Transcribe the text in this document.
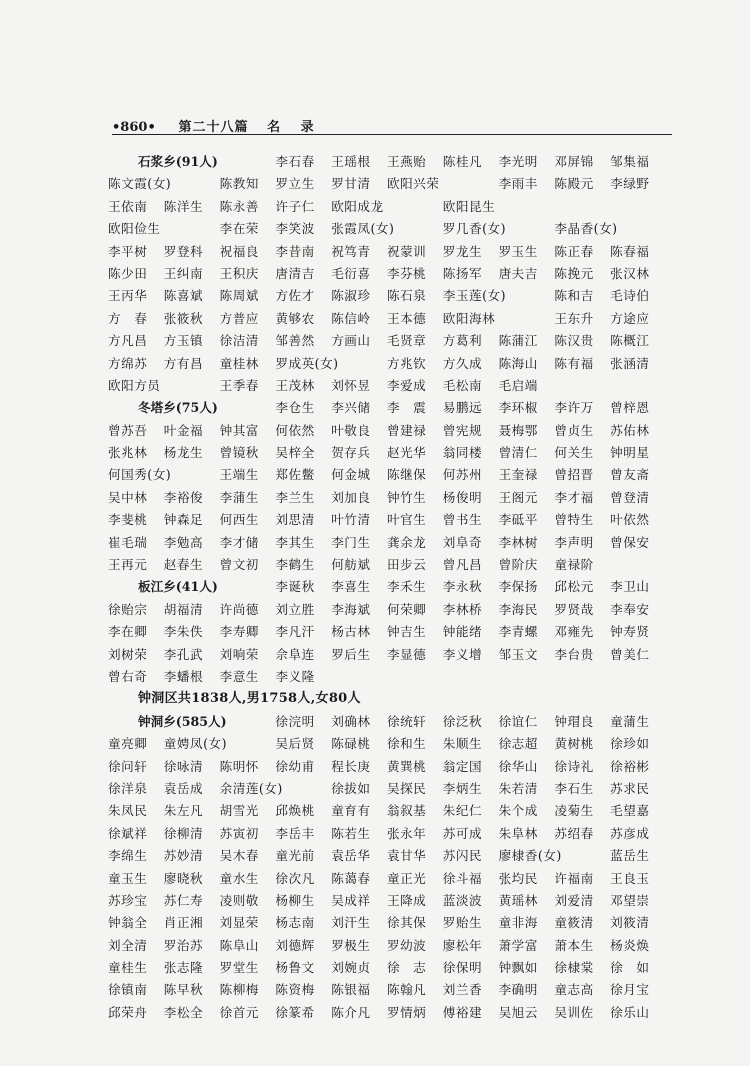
•860• 第二十八篇 名 录
石浆乡(91人)	李石春 王瑶根 王燕贻 陈桂凡 李光明 邓屏锦 邹集福
陈文霞(女)	陈教知 罗立生 罗甘清 欧阳兴荣	李雨丰 陈殿元 李绿野
王依南 陈洋生 陈永善 许子仁 欧阳成龙	欧阳昆生
欧阳俭生	李在荣 李笑波 张霞凤(女)	罗几香(女)	李晶香(女)
李平树 罗登科 祝福良 李昔南 祝笃青 祝蒙训 罗龙生 罗玉生 陈正春 陈春福
陈少田 王纠南 王积庆 唐清吉 毛衍喜 李芬桃 陈扬军 唐夫吉 陈挽元 张汉林
王丙华 陈喜斌 陈周斌 方佐才 陈淑珍 陈石泉 李玉莲(女)	陈和吉 毛诗伯
方　春 张筱秋 方普应 黄够农 陈信岭 王本德 欧阳海林	王东升 方途应
方凡昌 方玉镇 徐洁清 邹善然 方画山 毛贤章 方葛利 陈蒲江 陈汉贵 陈概江
方绵苏 方有昌 童桂林 罗成英(女)	方兆钦 方久成 陈海山 陈有福 张涵清
欧阳方员	王季春 王茂林 刘怀昱 李爱成 毛松南 毛启端
冬塔乡(75人)	李仓生 李兴储 李　震 易鹏远 李环椒 李许万 曾梓恩
曾苏吾 叶金福 钟其富 何依然 叶敬良 曾建禄 曾宪规 聂梅鄂 曾贞生 苏佑林
张兆林 杨龙生 曾镜秋 吴梓全 贺存兵 赵光华 翁同楼 曾清仁 何关生 钟明星
何国秀(女)	王端生 郑佐鳖 何金城 陈继保 何苏州 王奎禄 曾招晋 曾友斋
吴中林 李裕俊 李蒲生 李兰生 刘加良 钟竹生 杨俊明 王阁元 李才福 曾登清
李斐桃 钟森足 何西生 刘思清 叶竹清 叶官生 曾书生 李砥平 曾特生 叶依然
崔毛瑞 李勉高 李才储 李其生 李门生 龚余龙 刘阜奇 李林树 李声明 曾保安
王再元 赵春生 曾文初 李鹤生 何舫斌 田步云 曾凡昌 曾阶庆 童禄阶
板江乡(41人)	李诞秋 李喜生 李禾生 李永秋 李保扬 邱松元 李卫山
徐贻宗 胡福清 许尚德 刘立胜 李海斌 何荣卿 李林桥 李海民 罗贤哉 李奉安
李在卿 李朱佚 李寿卿 李凡汗 杨古林 钟吉生 钟能绪 李青螺 邓雍先 钟寿贤
刘树荣 李孔武 刘响荣 佘阜连 罗后生 李显德 李义增 邹玉文 李台贵 曾美仁
曾右奇 李蟠根 李意生 李义隆
钟洞区共1838人,男1758人,女80人
钟洞乡(585人)	徐浣明 刘确林 徐统轩 徐泛秋 徐谊仁 钟瑁良 童蒲生
童亮卿 童娉凤(女)	吴后贤 陈碌桃 徐和生 朱顺生 徐志超 黄树桃 徐珍如
徐问轩 徐咏清 陈明怀 徐幼甫 程长庚 黄巽桃 翁定国 徐华山 徐诗礼 徐裕彬
徐洋泉 袁岳成 余清莲(女)	徐拔如 吴探民 李炳生 朱若清 李石生 苏求民
朱凤民 朱左凡 胡雪光 邱焕桃 童育有 翁叙基 朱纪仁 朱个成 凌菊生 毛望嘉
徐斌祥 徐柳清 苏寅初 李岳丰 陈若生 张永年 苏可成 朱阜林 苏绍春 苏彦成
李绵生 苏妙清 吴木春 童光前 袁岳华 袁甘华 苏闪民 廖棣香(女)	蓝岳生
童玉生 廖晓秋 童水生 徐次凡 陈蔼春 童正光 徐斗福 张均民 许福南 王良玉
苏珍宝 苏仁寿 凌则敬 杨柳生 吴成祥 王降成 蓝淡波 黄瑶林 刘爱清 邓望崇
钟翁全 肖正湘 刘显荣 杨志南 刘汗生 徐其保 罗贻生 童非海 童筱清 刘筱清
刘全清 罗治苏 陈阜山 刘德辉 罗极生 罗幼波 廖松年 萧学富 萧本生 杨炎焕
童桂生 张志隆 罗堂生 杨鲁文 刘婉贞 徐　志 徐保明 钟飘如 徐棣棠 徐　如
徐镇南 陈早秋 陈柳梅 陈资梅 陈银福 陈翰凡 刘兰香 李确明 童志高 徐月宝
邱荣舟 李松全 徐首元 徐篆希 陈介凡 罗情炳 傅裕建 吴旭云 吴训佐 徐乐山
